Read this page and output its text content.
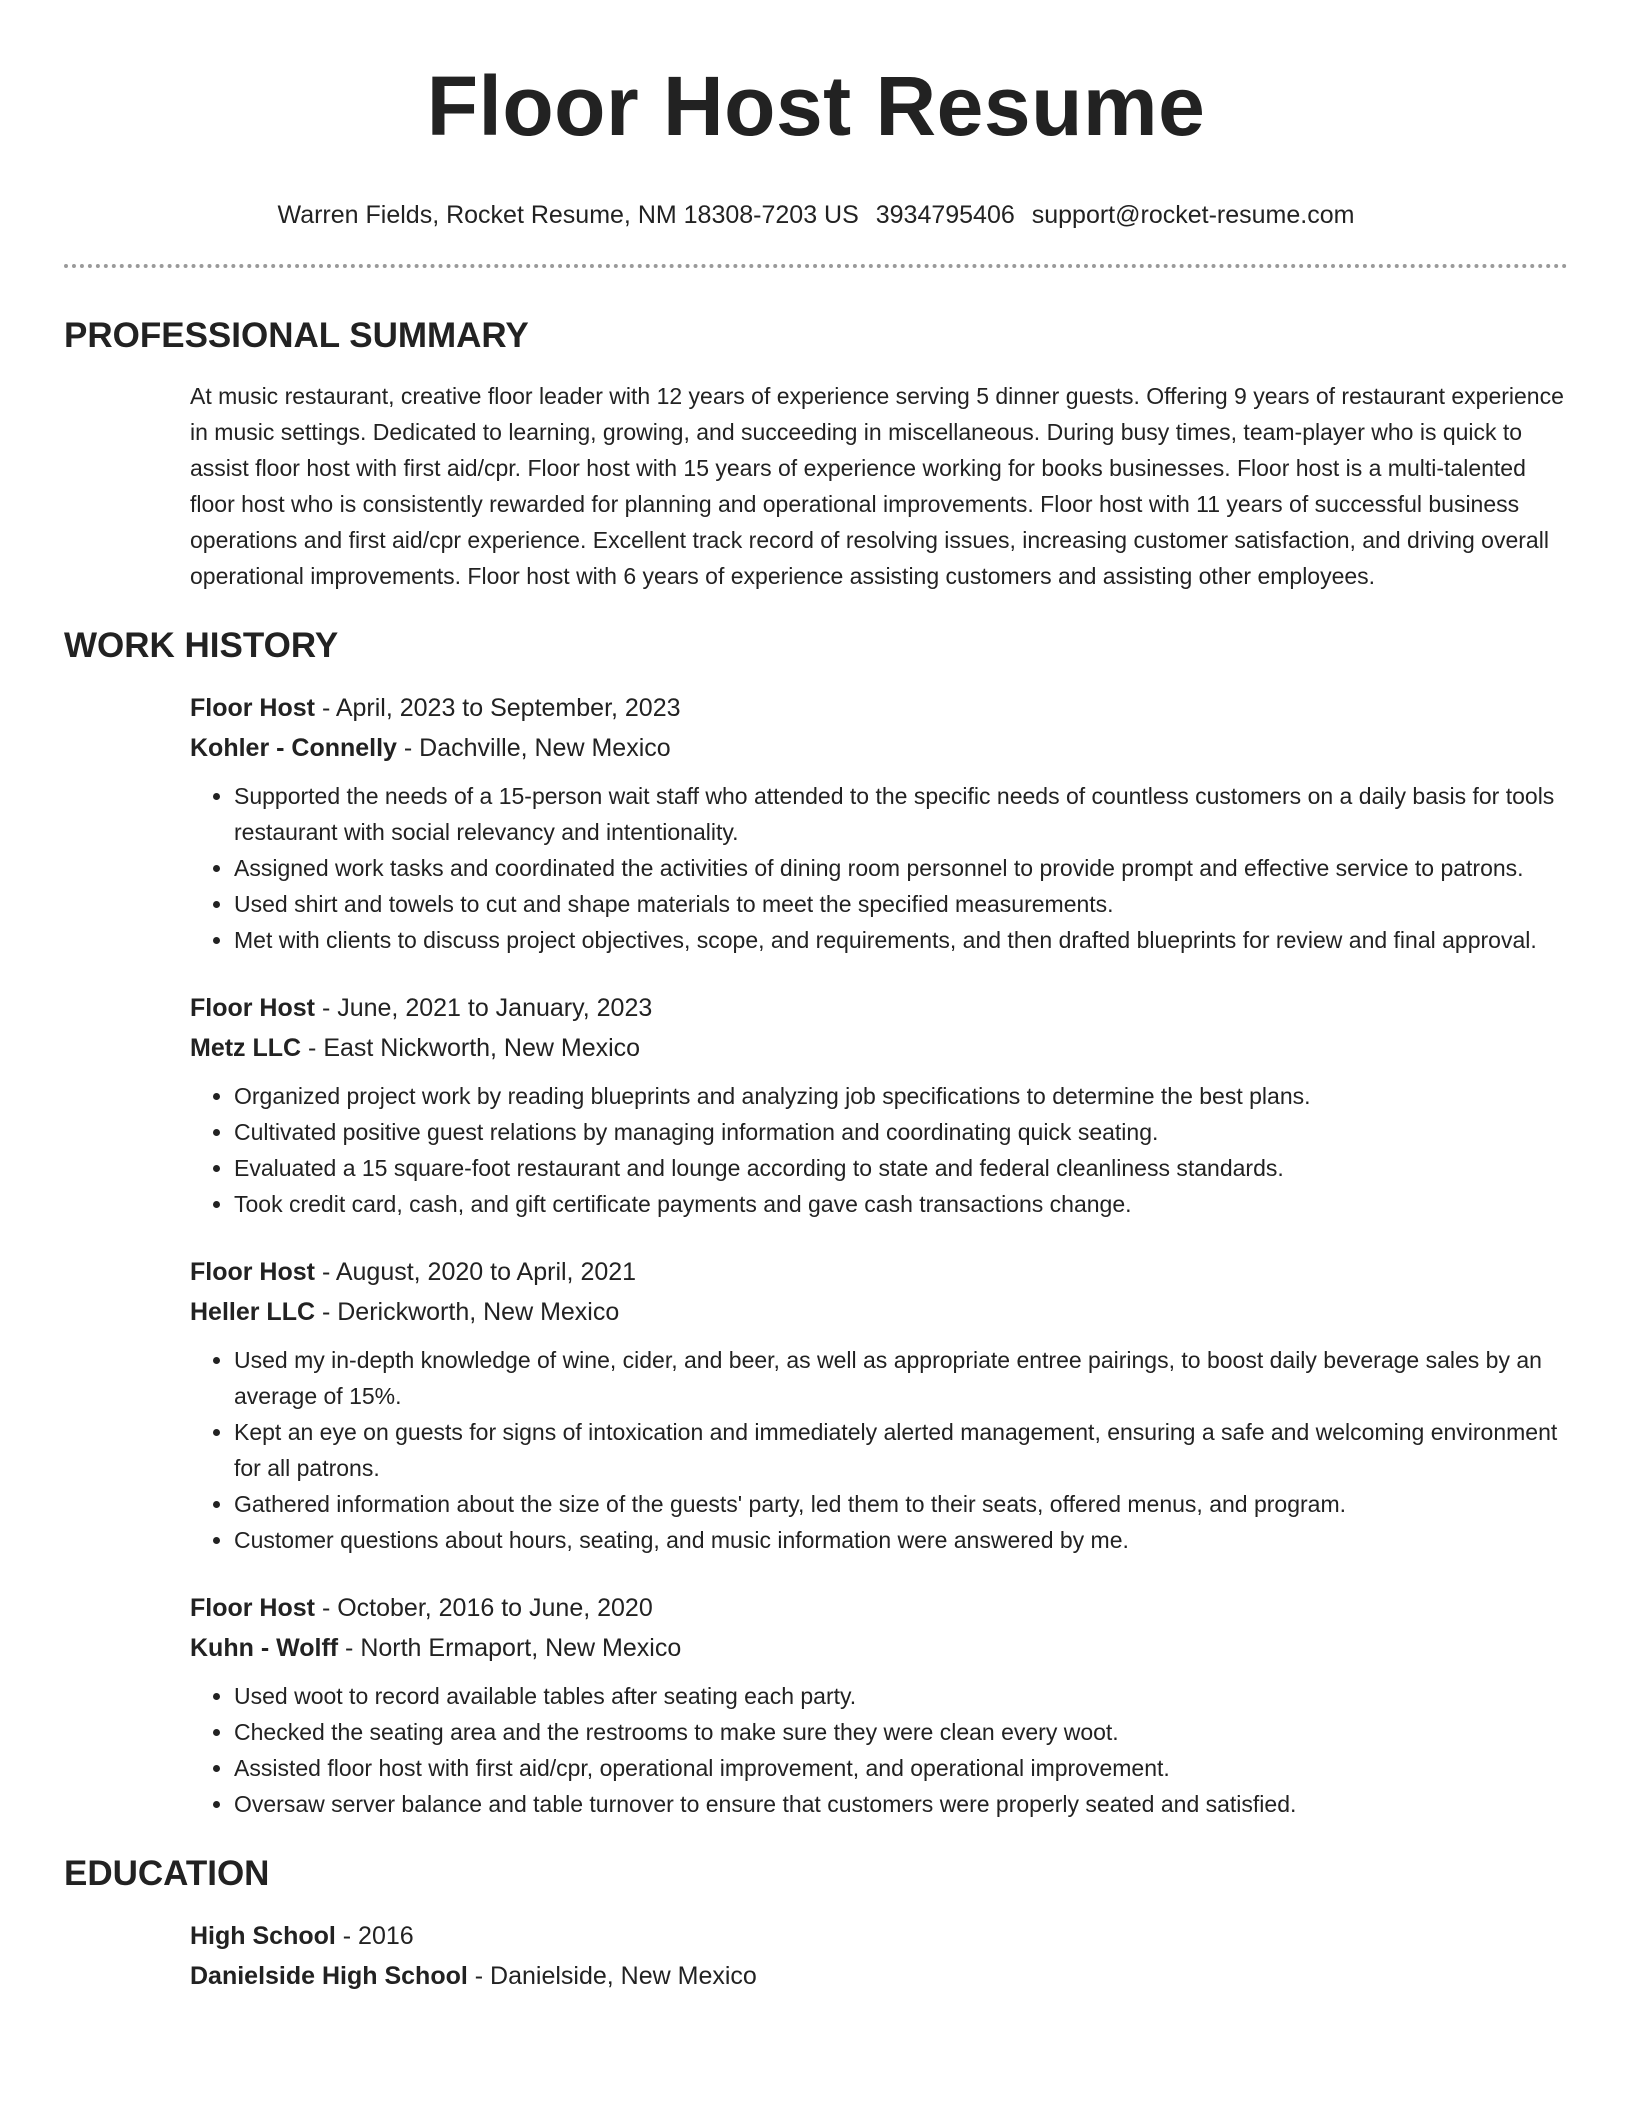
Floor Host Resume
Warren Fields, Rocket Resume, NM 18308-7203 US 3934795406 support@rocket-resume.com
PROFESSIONAL SUMMARY
At music restaurant, creative floor leader with 12 years of experience serving 5 dinner guests. Offering 9 years of restaurant experience in music settings. Dedicated to learning, growing, and succeeding in miscellaneous. During busy times, team-player who is quick to assist floor host with first aid/cpr. Floor host with 15 years of experience working for books businesses. Floor host is a multi-talented floor host who is consistently rewarded for planning and operational improvements. Floor host with 11 years of successful business operations and first aid/cpr experience. Excellent track record of resolving issues, increasing customer satisfaction, and driving overall operational improvements. Floor host with 6 years of experience assisting customers and assisting other employees.
WORK HISTORY
Floor Host - April, 2023 to September, 2023
Kohler - Connelly - Dachville, New Mexico
• Supported the needs of a 15-person wait staff who attended to the specific needs of countless customers on a daily basis for tools restaurant with social relevancy and intentionality.
• Assigned work tasks and coordinated the activities of dining room personnel to provide prompt and effective service to patrons.
• Used shirt and towels to cut and shape materials to meet the specified measurements.
• Met with clients to discuss project objectives, scope, and requirements, and then drafted blueprints for review and final approval.
Floor Host - June, 2021 to January, 2023
Metz LLC - East Nickworth, New Mexico
• Organized project work by reading blueprints and analyzing job specifications to determine the best plans.
• Cultivated positive guest relations by managing information and coordinating quick seating.
• Evaluated a 15 square-foot restaurant and lounge according to state and federal cleanliness standards.
• Took credit card, cash, and gift certificate payments and gave cash transactions change.
Floor Host - August, 2020 to April, 2021
Heller LLC - Derickworth, New Mexico
• Used my in-depth knowledge of wine, cider, and beer, as well as appropriate entree pairings, to boost daily beverage sales by an average of 15%.
• Kept an eye on guests for signs of intoxication and immediately alerted management, ensuring a safe and welcoming environment for all patrons.
• Gathered information about the size of the guests' party, led them to their seats, offered menus, and program.
• Customer questions about hours, seating, and music information were answered by me.
Floor Host - October, 2016 to June, 2020
Kuhn - Wolff - North Ermaport, New Mexico
• Used woot to record available tables after seating each party.
• Checked the seating area and the restrooms to make sure they were clean every woot.
• Assisted floor host with first aid/cpr, operational improvement, and operational improvement.
• Oversaw server balance and table turnover to ensure that customers were properly seated and satisfied.
EDUCATION
High School - 2016
Danielside High School - Danielside, New Mexico
